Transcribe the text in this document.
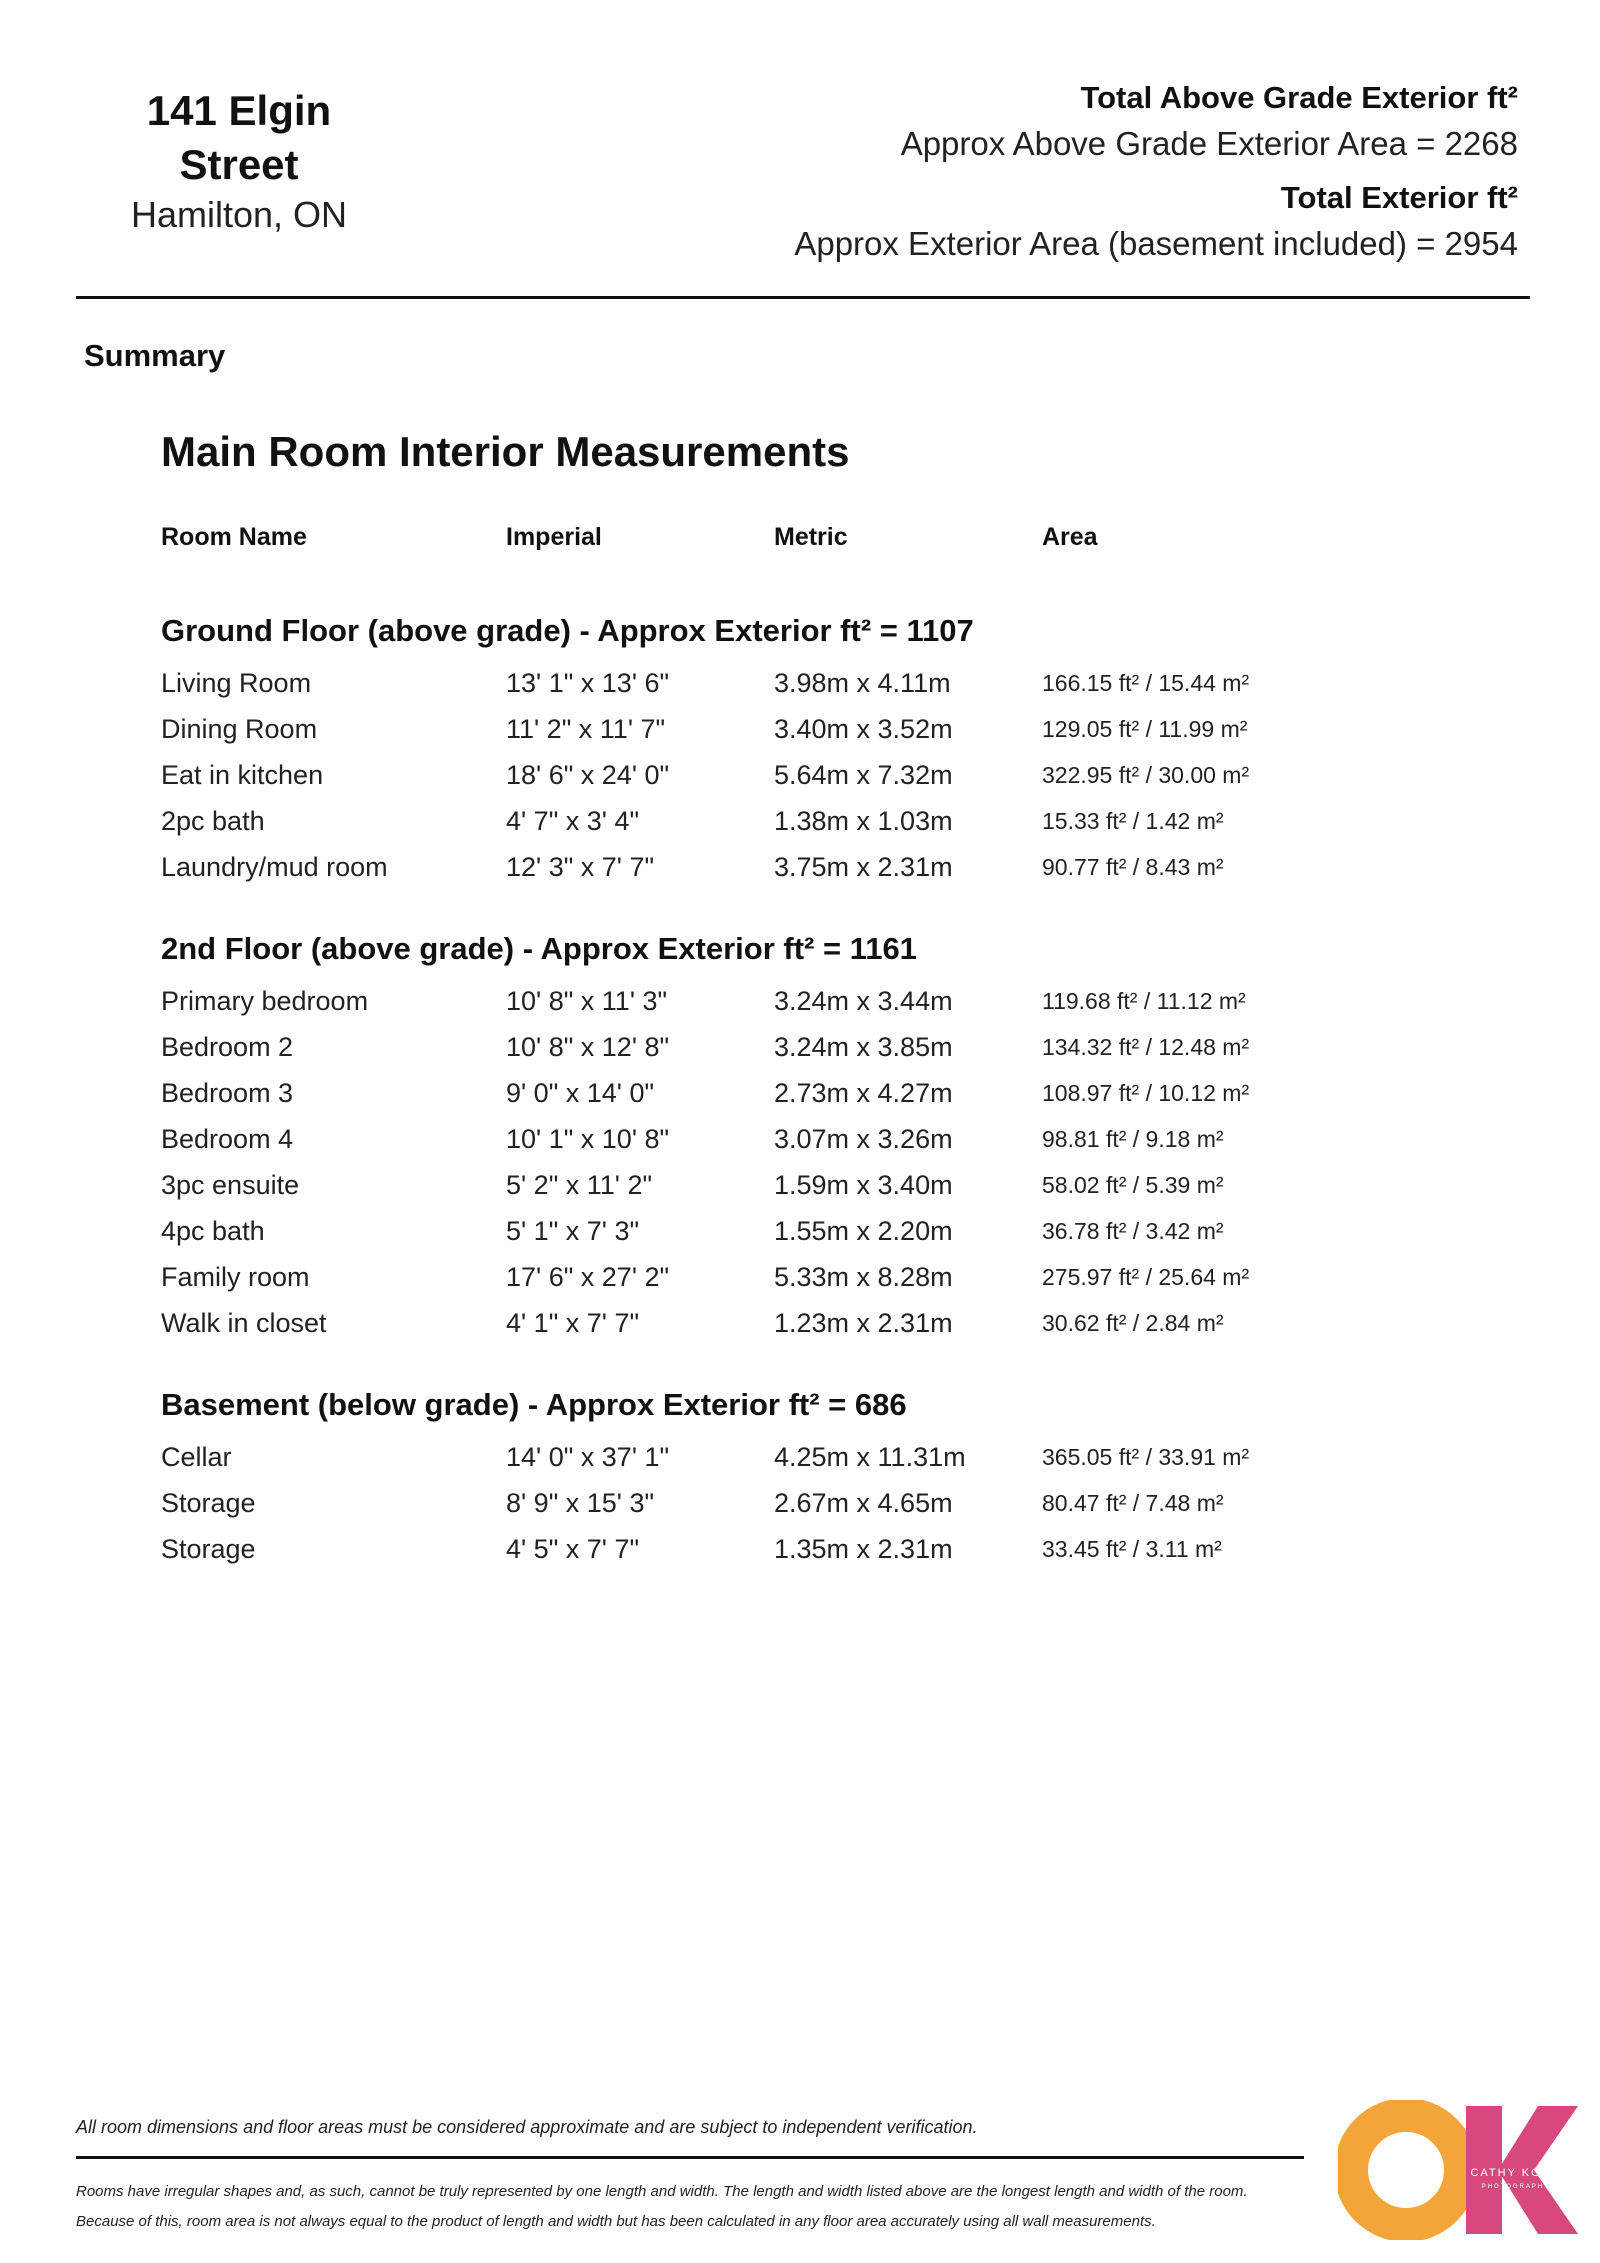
141 Elgin Street
Hamilton, ON
Total Above Grade Exterior ft²
Approx Above Grade Exterior Area = 2268
Total Exterior ft²
Approx Exterior Area (basement included) = 2954
Summary
Main Room Interior Measurements
Room Name	Imperial	Metric	Area
Ground Floor (above grade) - Approx Exterior ft² = 1107
Living Room	13' 1" x 13' 6"	3.98m x 4.11m	166.15 ft² / 15.44 m²
Dining Room	11' 2" x 11' 7"	3.40m x 3.52m	129.05 ft² / 11.99 m²
Eat in kitchen	18' 6" x 24' 0"	5.64m x 7.32m	322.95 ft² / 30.00 m²
2pc bath	4' 7" x 3' 4"	1.38m x 1.03m	15.33 ft² / 1.42 m²
Laundry/mud room	12' 3" x 7' 7"	3.75m x 2.31m	90.77 ft² / 8.43 m²
2nd Floor (above grade) - Approx Exterior ft² = 1161
Primary bedroom	10' 8" x 11' 3"	3.24m x 3.44m	119.68 ft² / 11.12 m²
Bedroom 2	10' 8" x 12' 8"	3.24m x 3.85m	134.32 ft² / 12.48 m²
Bedroom 3	9' 0" x 14' 0"	2.73m x 4.27m	108.97 ft² / 10.12 m²
Bedroom 4	10' 1" x 10' 8"	3.07m x 3.26m	98.81 ft² / 9.18 m²
3pc ensuite	5' 2" x 11' 2"	1.59m x 3.40m	58.02 ft² / 5.39 m²
4pc bath	5' 1" x 7' 3"	1.55m x 2.20m	36.78 ft² / 3.42 m²
Family room	17' 6" x 27' 2"	5.33m x 8.28m	275.97 ft² / 25.64 m²
Walk in closet	4' 1" x 7' 7"	1.23m x 2.31m	30.62 ft² / 2.84 m²
Basement (below grade) - Approx Exterior ft² = 686
Cellar	14' 0" x 37' 1"	4.25m x 11.31m	365.05 ft² / 33.91 m²
Storage	8' 9" x 15' 3"	2.67m x 4.65m	80.47 ft² / 7.48 m²
Storage	4' 5" x 7' 7"	1.35m x 2.31m	33.45 ft² / 3.11 m²
All room dimensions and floor areas must be considered approximate and are subject to independent verification.
Rooms have irregular shapes and, as such, cannot be truly represented by one length and width. The length and width listed above are the longest length and width of the room.
Because of this, room area is not always equal to the product of length and width but has been calculated in any floor area accurately using all wall measurements.
CATHY KOOP
PHOTOGRAPHY
